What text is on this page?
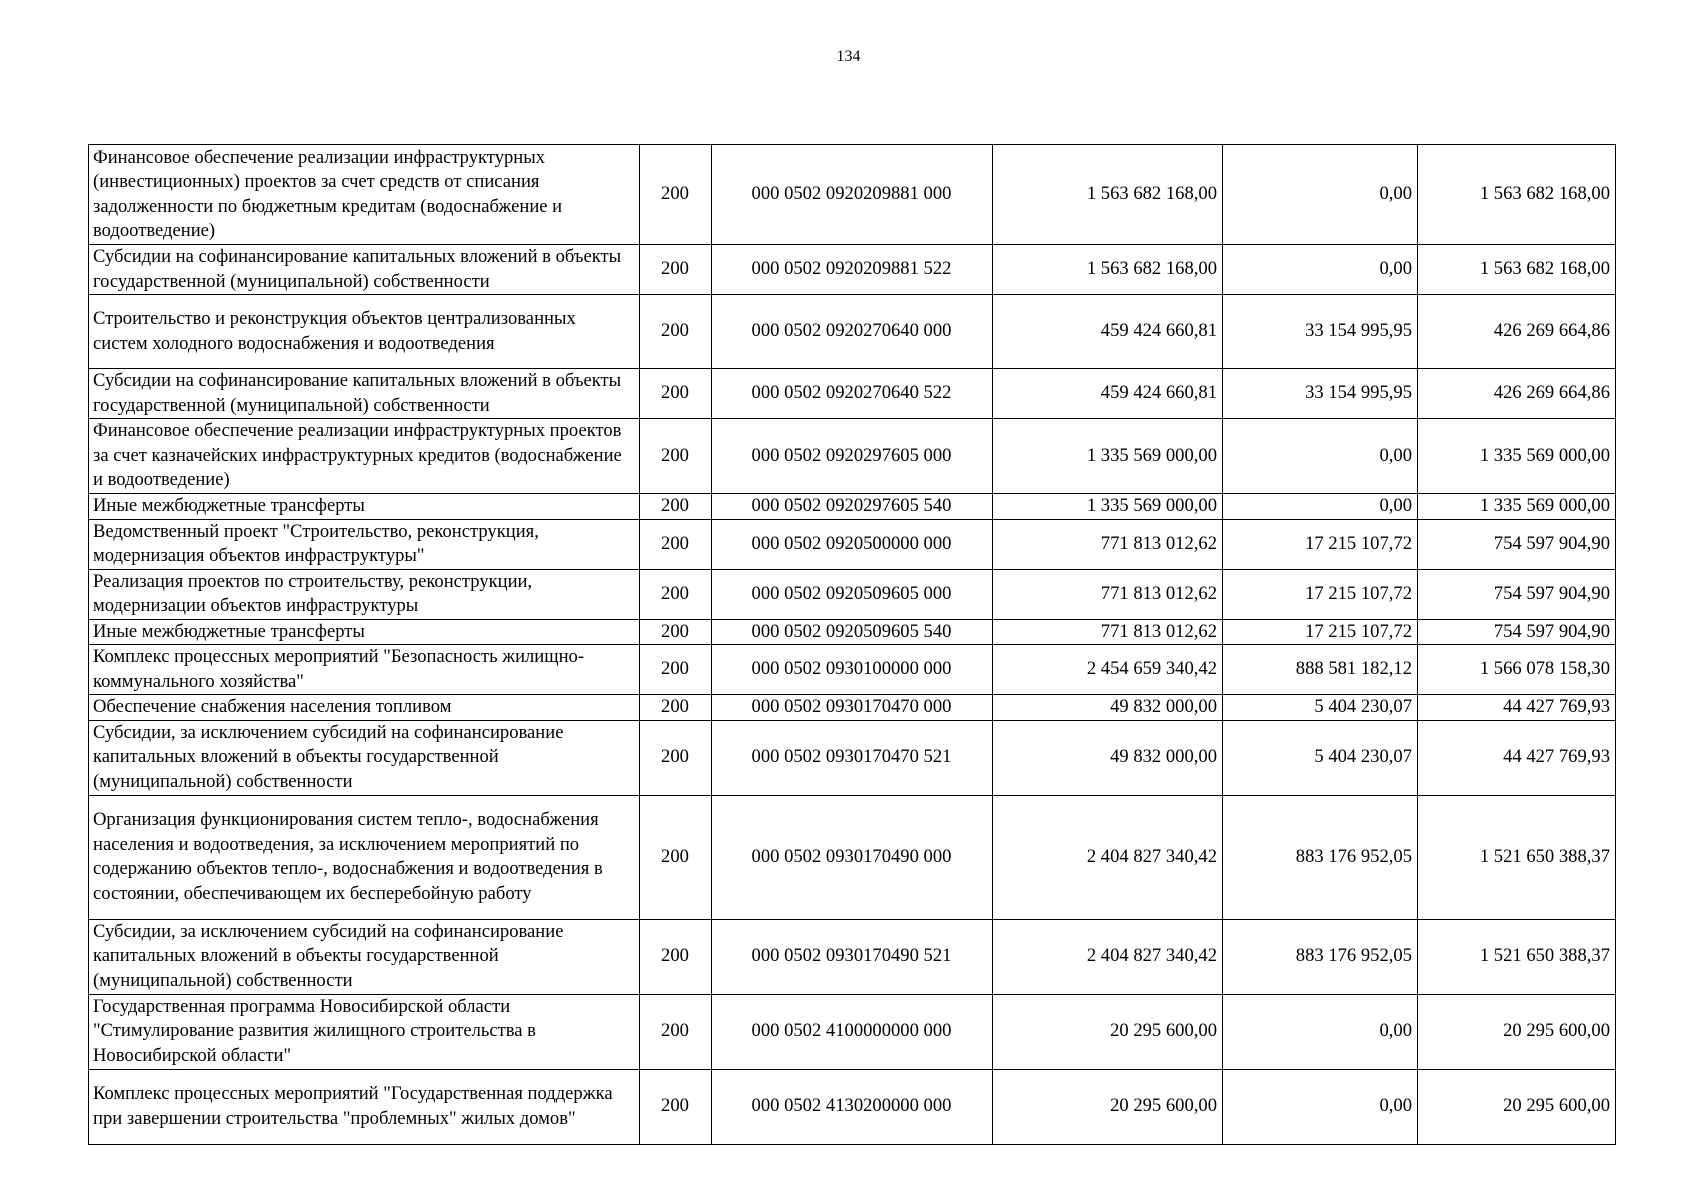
134
Финансовое обеспечение реализации инфраструктурных (инвестиционных) проектов за счет средств от списания задолженности по бюджетным кредитам (водоснабжение и водоотведение)	200	000 0502 0920209881 000	1 563 682 168,00	0,00	1 563 682 168,00
Субсидии на софинансирование капитальных вложений в объекты государственной (муниципальной) собственности	200	000 0502 0920209881 522	1 563 682 168,00	0,00	1 563 682 168,00
Строительство и реконструкция объектов централизованных систем холодного водоснабжения и водоотведения	200	000 0502 0920270640 000	459 424 660,81	33 154 995,95	426 269 664,86
Субсидии на софинансирование капитальных вложений в объекты государственной (муниципальной) собственности	200	000 0502 0920270640 522	459 424 660,81	33 154 995,95	426 269 664,86
Финансовое обеспечение реализации инфраструктурных проектов за счет казначейских инфраструктурных кредитов (водоснабжение и водоотведение)	200	000 0502 0920297605 000	1 335 569 000,00	0,00	1 335 569 000,00
Иные межбюджетные трансферты	200	000 0502 0920297605 540	1 335 569 000,00	0,00	1 335 569 000,00
Ведомственный проект "Строительство, реконструкция, модернизация объектов инфраструктуры"	200	000 0502 0920500000 000	771 813 012,62	17 215 107,72	754 597 904,90
Реализация проектов по строительству, реконструкции, модернизации объектов инфраструктуры	200	000 0502 0920509605 000	771 813 012,62	17 215 107,72	754 597 904,90
Иные межбюджетные трансферты	200	000 0502 0920509605 540	771 813 012,62	17 215 107,72	754 597 904,90
Комплекс процессных мероприятий "Безопасность жилищно-коммунального хозяйства"	200	000 0502 0930100000 000	2 454 659 340,42	888 581 182,12	1 566 078 158,30
Обеспечение снабжения населения топливом	200	000 0502 0930170470 000	49 832 000,00	5 404 230,07	44 427 769,93
Субсидии, за исключением субсидий на софинансирование капитальных вложений в объекты государственной (муниципальной) собственности	200	000 0502 0930170470 521	49 832 000,00	5 404 230,07	44 427 769,93
Организация функционирования систем тепло-, водоснабжения населения и водоотведения, за исключением мероприятий по содержанию объектов тепло-, водоснабжения и водоотведения в состоянии, обеспечивающем их бесперебойную работу	200	000 0502 0930170490 000	2 404 827 340,42	883 176 952,05	1 521 650 388,37
Субсидии, за исключением субсидий на софинансирование капитальных вложений в объекты государственной (муниципальной) собственности	200	000 0502 0930170490 521	2 404 827 340,42	883 176 952,05	1 521 650 388,37
Государственная программа Новосибирской области "Стимулирование развития жилищного строительства в Новосибирской области"	200	000 0502 4100000000 000	20 295 600,00	0,00	20 295 600,00
Комплекс процессных мероприятий "Государственная поддержка при завершении строительства "проблемных" жилых домов"	200	000 0502 4130200000 000	20 295 600,00	0,00	20 295 600,00
